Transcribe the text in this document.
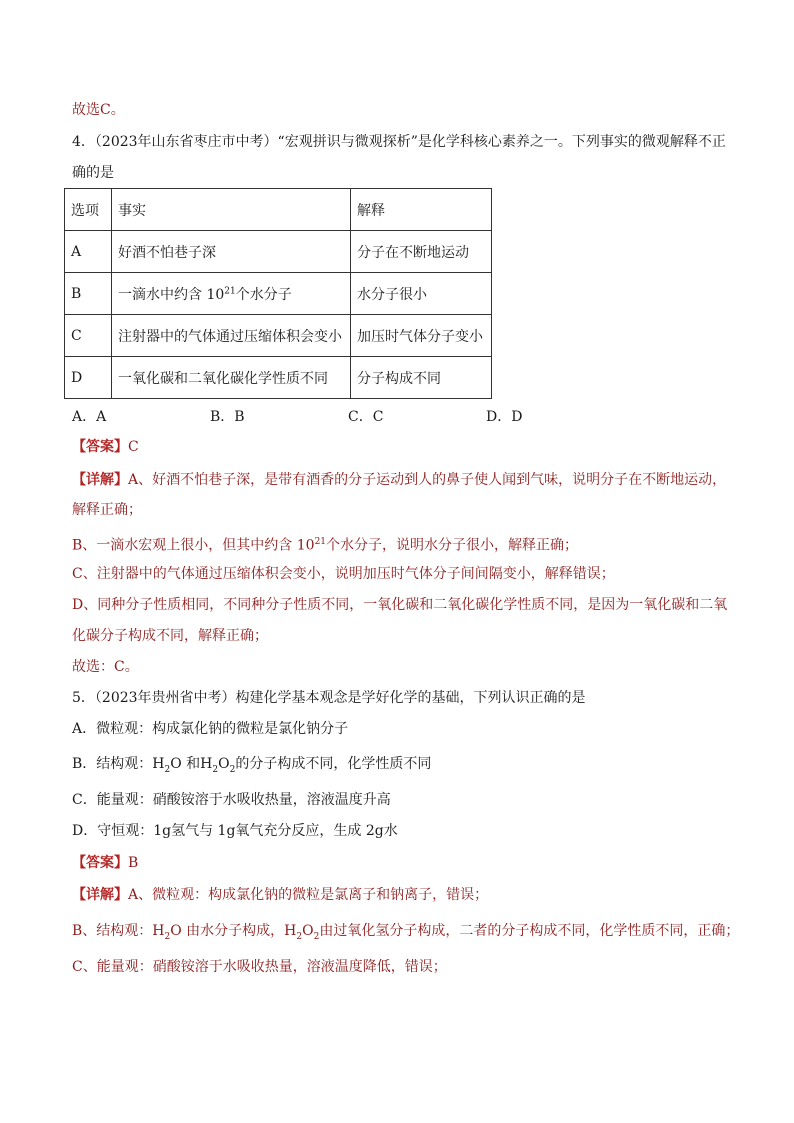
故选C。
4．（2023年山东省枣庄市中考）“宏观拼识与微观探析”是化学科核心素养之一。下列事实的微观解释不正
确的是
选项	事实	解释
A	好酒不怕巷子深	分子在不断地运动
B	一滴水中约含 $10^{21}$个水分子	水分子很小
C	注射器中的气体通过压缩体积会变小	加压时气体分子变小
D	一氧化碳和二氧化碳化学性质不同	分子构成不同
A．A	B．B	C．C	D．D
【答案】C
【详解】A、好酒不怕巷子深，是带有酒香的分子运动到人的鼻子使人闻到气味，说明分子在不断地运动，
解释正确；
B、一滴水宏观上很小，但其中约含 $10^{21}$个水分子，说明水分子很小，解释正确；
C、注射器中的气体通过压缩体积会变小，说明加压时气体分子间间隔变小，解释错误；
D、同种分子性质相同，不同种分子性质不同，一氧化碳和二氧化碳化学性质不同，是因为一氧化碳和二氧
化碳分子构成不同，解释正确；
故选：C。
5．（2023年贵州省中考）构建化学基本观念是学好化学的基础，下列认识正确的是
A．微粒观：构成氯化钠的微粒是氯化钠分子
B．结构观：$H_2O$ 和$H_2O_2$的分子构成不同，化学性质不同
C．能量观：硝酸铵溶于水吸收热量，溶液温度升高
D．守恒观：1g氢气与 1g氧气充分反应，生成 2g水
【答案】B
【详解】A、微粒观：构成氯化钠的微粒是氯离子和钠离子，错误；
B、结构观：$H_2O$ 由水分子构成，$H_2O_2$由过氧化氢分子构成，二者的分子构成不同，化学性质不同，正确；
C、能量观：硝酸铵溶于水吸收热量，溶液温度降低，错误；
